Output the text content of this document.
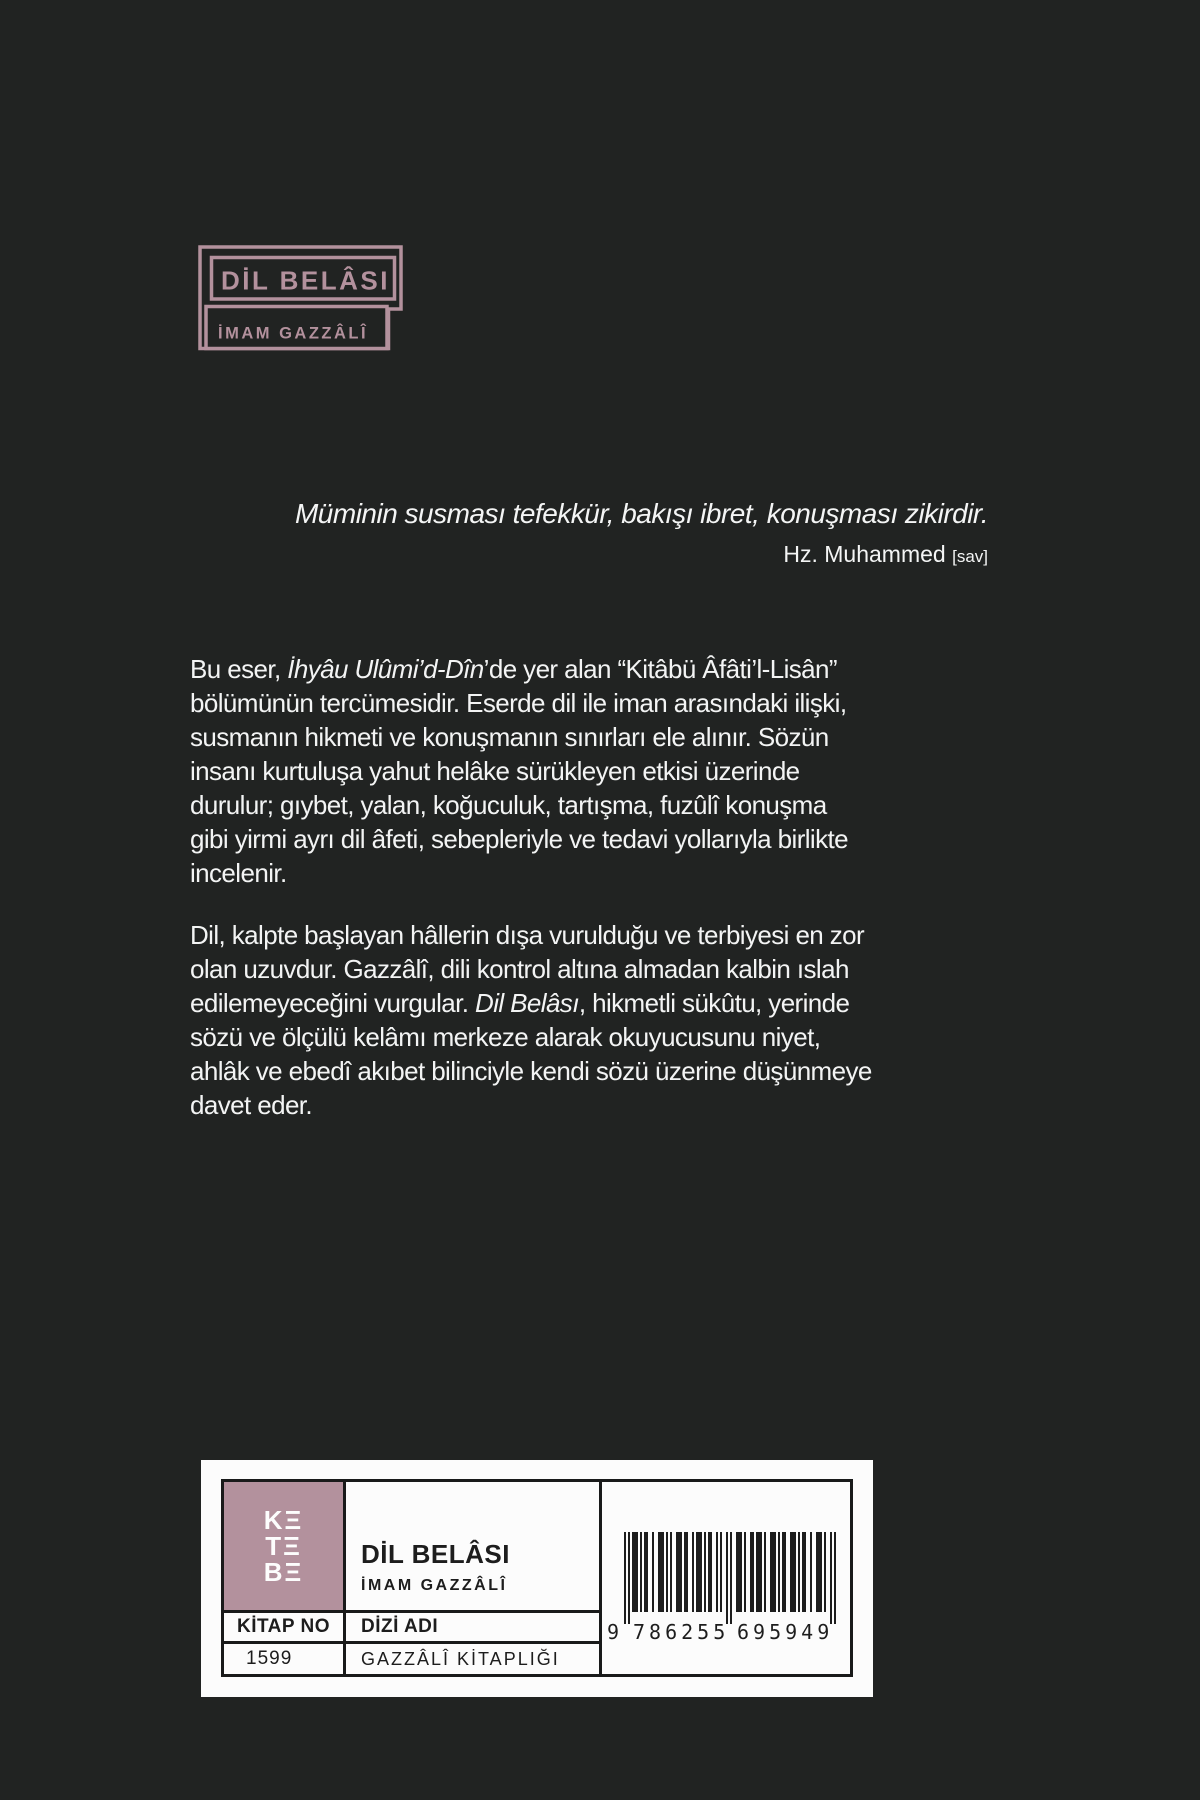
DİL BELÂSI
İMAM GAZZÂLÎ
Müminin susması tefekkür, bakışı ibret, konuşması zikirdir.
Hz. Muhammed [sav]
Bu eser, İhyâu Ulûmi’d-Dîn’de yer alan “Kitâbü Âfâti’l-Lisân”
bölümünün tercümesidir. Eserde dil ile iman arasındaki ilişki,
susmanın hikmeti ve konuşmanın sınırları ele alınır. Sözün
insanı kurtuluşa yahut helâke sürükleyen etkisi üzerinde
durulur; gıybet, yalan, koğuculuk, tartışma, fuzûlî konuşma
gibi yirmi ayrı dil âfeti, sebepleriyle ve tedavi yollarıyla birlikte
incelenir.
Dil, kalpte başlayan hâllerin dışa vurulduğu ve terbiyesi en zor
olan uzuvdur. Gazzâlî, dili kontrol altına almadan kalbin ıslah
edilemeyeceğini vurgular. Dil Belâsı, hikmetli sükûtu, yerinde
sözü ve ölçülü kelâmı merkeze alarak okuyucusunu niyet,
ahlâk ve ebedî akıbet bilinciyle kendi sözü üzerine düşünmeye
davet eder.
KΞ
TΞ
BΞ
DİL BELÂSI
İMAM GAZZÂLÎ
9 786255 695949
KİTAP NO	DİZİ ADI
1599	GAZZÂLÎ KİTAPLIĞI
